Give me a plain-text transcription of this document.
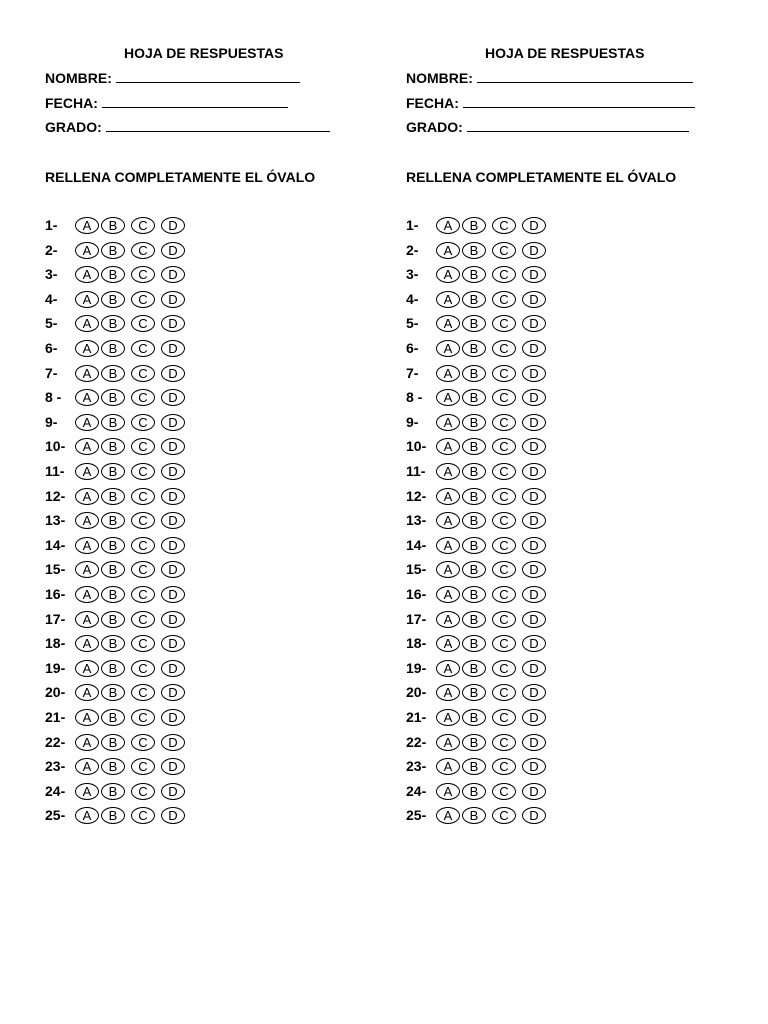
HOJA DE RESPUESTAS
NOMBRE:
FECHA:
GRADO:
RELLENA COMPLETAMENTE EL ÓVALO
1-	A	B	C	D
2-	A	B	C	D
3-	A	B	C	D
4-	A	B	C	D
5-	A	B	C	D
6-	A	B	C	D
7-	A	B	C	D
8 -	A	B	C	D
9-	A	B	C	D
10-	A	B	C	D
11-	A	B	C	D
12-	A	B	C	D
13-	A	B	C	D
14-	A	B	C	D
15-	A	B	C	D
16-	A	B	C	D
17-	A	B	C	D
18-	A	B	C	D
19-	A	B	C	D
20-	A	B	C	D
21-	A	B	C	D
22-	A	B	C	D
23-	A	B	C	D
24-	A	B	C	D
25-	A	B	C	D
HOJA DE RESPUESTAS
NOMBRE:
FECHA:
GRADO:
RELLENA COMPLETAMENTE EL ÓVALO
1-	A	B	C	D
2-	A	B	C	D
3-	A	B	C	D
4-	A	B	C	D
5-	A	B	C	D
6-	A	B	C	D
7-	A	B	C	D
8 -	A	B	C	D
9-	A	B	C	D
10-	A	B	C	D
11-	A	B	C	D
12-	A	B	C	D
13-	A	B	C	D
14-	A	B	C	D
15-	A	B	C	D
16-	A	B	C	D
17-	A	B	C	D
18-	A	B	C	D
19-	A	B	C	D
20-	A	B	C	D
21-	A	B	C	D
22-	A	B	C	D
23-	A	B	C	D
24-	A	B	C	D
25-	A	B	C	D
